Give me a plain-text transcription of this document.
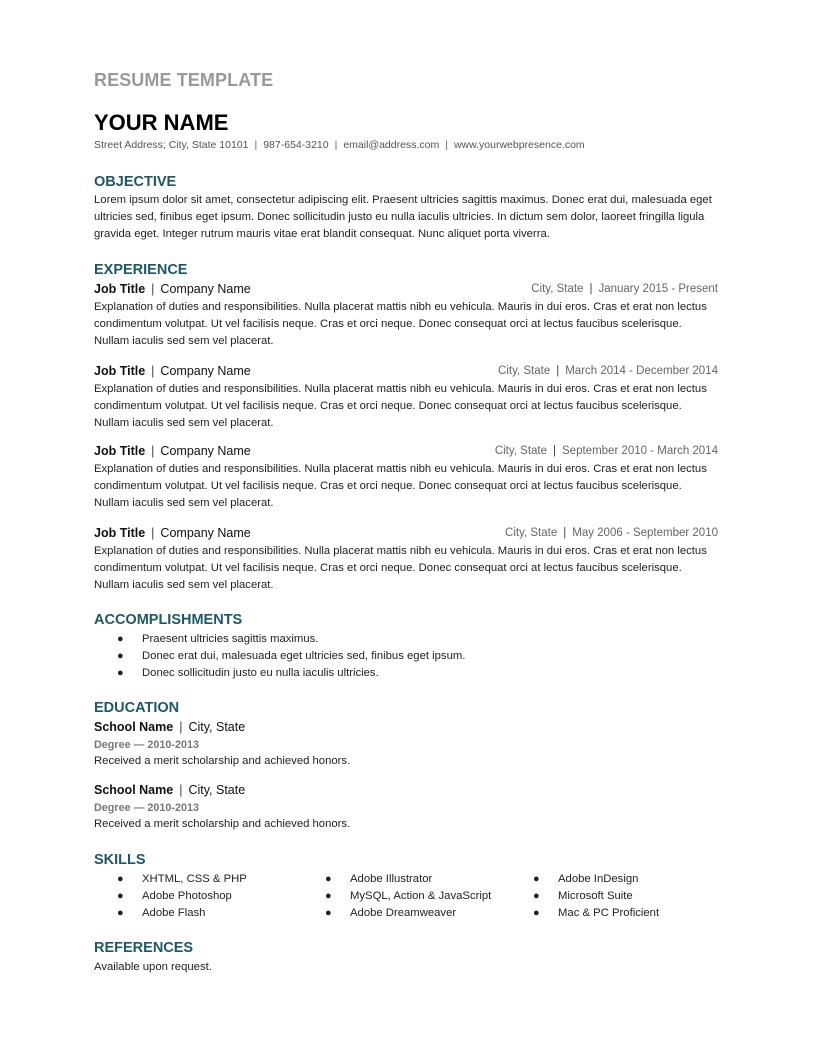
RESUME TEMPLATE
YOUR NAME
Street Address; City, State 10101 | 987-654-3210 | email@address.com | www.yourwebpresence.com
OBJECTIVE
Lorem ipsum dolor sit amet, consectetur adipiscing elit. Praesent ultricies sagittis maximus. Donec erat dui, malesuada eget ultricies sed, finibus eget ipsum. Donec sollicitudin justo eu nulla iaculis ultricies. In dictum sem dolor, laoreet fringilla ligula gravida eget. Integer rutrum mauris vitae erat blandit consequat. Nunc aliquet porta viverra.
EXPERIENCE
Job Title | Company Name	City, State | January 2015 - Present
Explanation of duties and responsibilities. Nulla placerat mattis nibh eu vehicula. Mauris in dui eros. Cras et erat non lectus condimentum volutpat. Ut vel facilisis neque. Cras et orci neque. Donec consequat orci at lectus faucibus scelerisque. Nullam iaculis sed sem vel placerat.
Job Title | Company Name	City, State | March 2014 - December 2014
Explanation of duties and responsibilities. Nulla placerat mattis nibh eu vehicula. Mauris in dui eros. Cras et erat non lectus condimentum volutpat. Ut vel facilisis neque. Cras et orci neque. Donec consequat orci at lectus faucibus scelerisque. Nullam iaculis sed sem vel placerat.
Job Title | Company Name	City, State | September 2010 - March 2014
Explanation of duties and responsibilities. Nulla placerat mattis nibh eu vehicula. Mauris in dui eros. Cras et erat non lectus condimentum volutpat. Ut vel facilisis neque. Cras et orci neque. Donec consequat orci at lectus faucibus scelerisque. Nullam iaculis sed sem vel placerat.
Job Title | Company Name	City, State | May 2006 - September 2010
Explanation of duties and responsibilities. Nulla placerat mattis nibh eu vehicula. Mauris in dui eros. Cras et erat non lectus condimentum volutpat. Ut vel facilisis neque. Cras et orci neque. Donec consequat orci at lectus faucibus scelerisque. Nullam iaculis sed sem vel placerat.
ACCOMPLISHMENTS
● Praesent ultricies sagittis maximus.
● Donec erat dui, malesuada eget ultricies sed, finibus eget ipsum.
● Donec sollicitudin justo eu nulla iaculis ultricies.
EDUCATION
School Name | City, State
Degree — 2010-2013
Received a merit scholarship and achieved honors.
School Name | City, State
Degree — 2010-2013
Received a merit scholarship and achieved honors.
SKILLS
● XHTML, CSS & PHP
● Adobe Photoshop
● Adobe Flash
● Adobe Illustrator
● MySQL, Action & JavaScript
● Adobe Dreamweaver
● Adobe InDesign
● Microsoft Suite
● Mac & PC Proficient
REFERENCES
Available upon request.
